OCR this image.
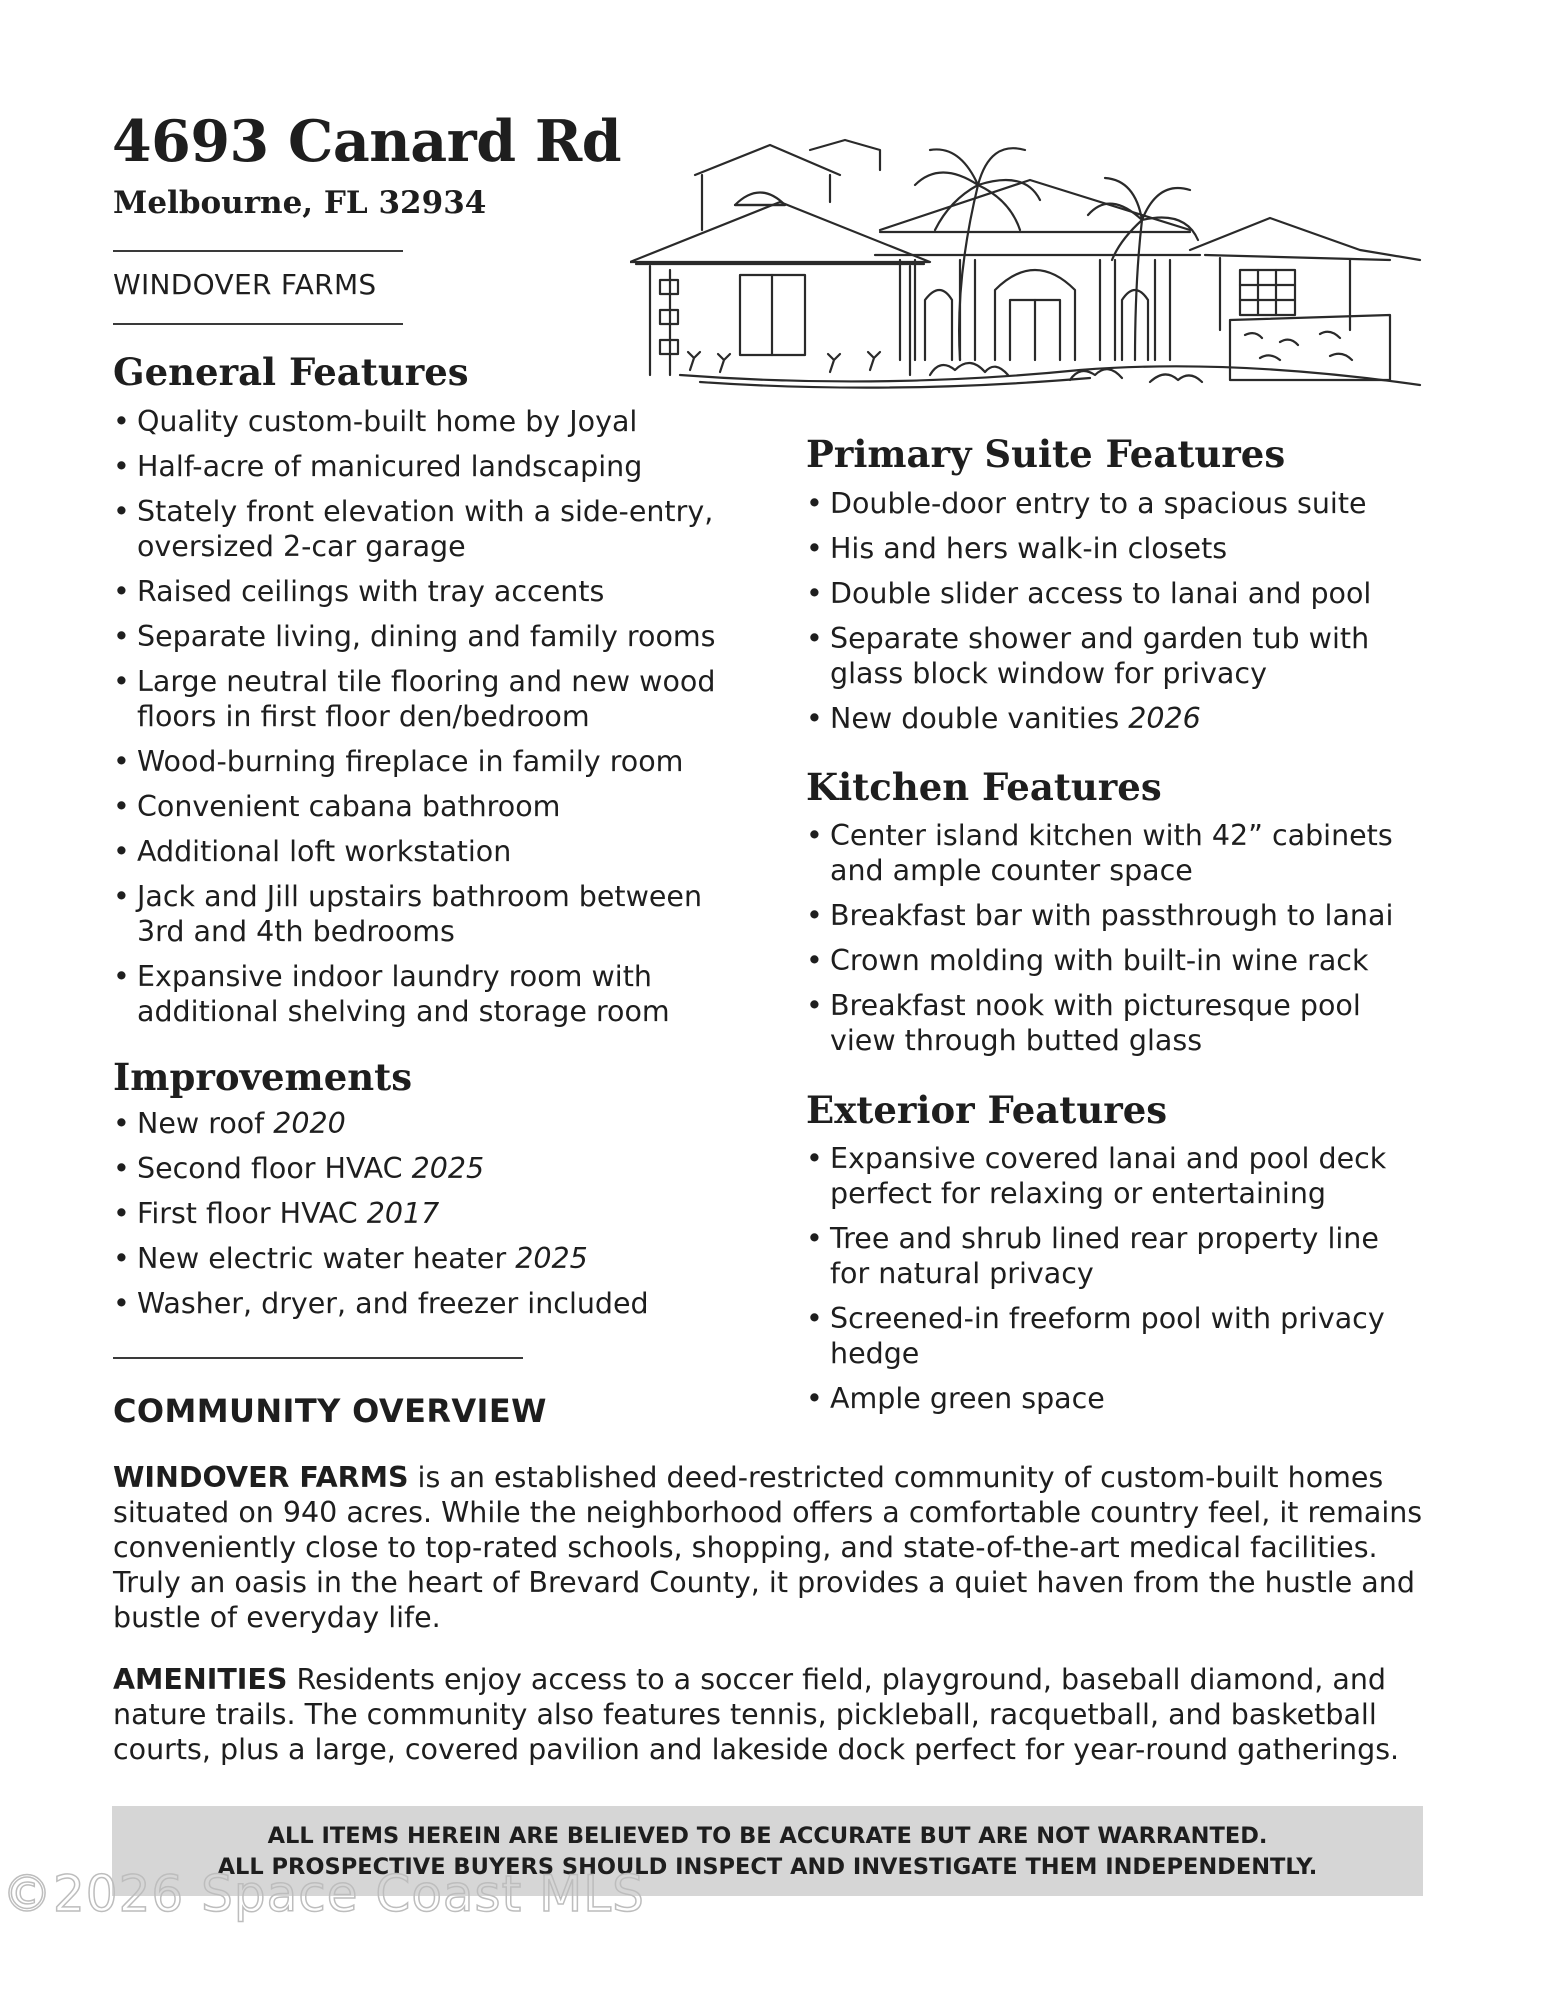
4693 Canard Rd
Melbourne, FL 32934
WINDOVER FARMS
General Features
• Quality custom-built home by Joyal
• Half-acre of manicured landscaping
• Stately front elevation with a side-entry, oversized 2-car garage
• Raised ceilings with tray accents
• Separate living, dining and family rooms
• Large neutral tile flooring and new wood floors in first floor den/bedroom
• Wood-burning fireplace in family room
• Convenient cabana bathroom
• Additional loft workstation
• Jack and Jill upstairs bathroom between 3rd and 4th bedrooms
• Expansive indoor laundry room with additional shelving and storage room
Improvements
• New roof 2020
• Second floor HVAC 2025
• First floor HVAC 2017
• New electric water heater 2025
• Washer, dryer, and freezer included
Primary Suite Features
• Double-door entry to a spacious suite
• His and hers walk-in closets
• Double slider access to lanai and pool
• Separate shower and garden tub with glass block window for privacy
• New double vanities 2026
Kitchen Features
• Center island kitchen with 42” cabinets and ample counter space
• Breakfast bar with passthrough to lanai
• Crown molding with built-in wine rack
• Breakfast nook with picturesque pool view through butted glass
Exterior Features
• Expansive covered lanai and pool deck perfect for relaxing or entertaining
• Tree and shrub lined rear property line for natural privacy
• Screened-in freeform pool with privacy hedge
• Ample green space
COMMUNITY OVERVIEW

WINDOVER FARMS is an established deed-restricted community of custom-built homes situated on 940 acres. While the neighborhood offers a comfortable country feel, it remains conveniently close to top-rated schools, shopping, and state-of-the-art medical facilities. Truly an oasis in the heart of Brevard County, it provides a quiet haven from the hustle and bustle of everyday life.

AMENITIES Residents enjoy access to a soccer field, playground, baseball diamond, and nature trails. The community also features tennis, pickleball, racquetball, and basketball courts, plus a large, covered pavilion and lakeside dock perfect for year-round gatherings.

ALL ITEMS HEREIN ARE BELIEVED TO BE ACCURATE BUT ARE NOT WARRANTED.
ALL PROSPECTIVE BUYERS SHOULD INSPECT AND INVESTIGATE THEM INDEPENDENTLY.
©2026 Space Coast MLS
